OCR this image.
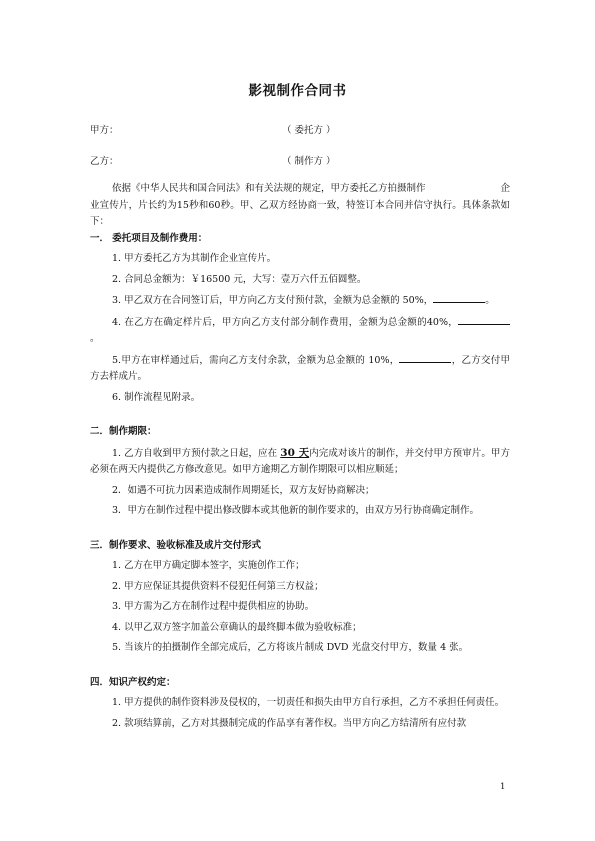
影视制作合同书
甲方：	（ 委托方 ）
乙方：	（ 制作方 ）

依据《中华人民共和国合同法》和有关法规的规定，甲方委托乙方拍摄制作	企

业宣传片，片长约为15秒和60秒。甲、乙双方经协商一致，特签订本合同并信守执行。具体条款如下：

一． 委托项目及制作费用：

1. 甲方委托乙方为其制作企业宣传片。

2. 合同总金额为：￥16500 元，大写：壹万六仟五佰圆整。

3. 甲乙双方在合同签订后，甲方向乙方支付预付款，金额为总金额的 50%，	。

4. 在乙方在确定样片后，甲方向乙方支付部分制作费用，金额为总金额的40%，。

5.甲方在审样通过后，需向乙方支付余款，金额为总金额的 10%，	，乙方交付甲方去样成片。

6. 制作流程见附录。

二．制作期限：

1. 乙方自收到甲方预付款之日起，应在 30 天内完成对该片的制作，并交付甲方预审片。甲方必须在两天内提供乙方修改意见。如甲方逾期乙方制作期限可以相应顺延；

2．如遇不可抗力因素造成制作周期延长，双方友好协商解决；

3．甲方在制作过程中提出修改脚本或其他新的制作要求的，由双方另行协商确定制作。

三．制作要求、验收标准及成片交付形式

1. 乙方在甲方确定脚本签字，实施创作工作；

2. 甲方应保证其提供资料不侵犯任何第三方权益；

3. 甲方需为乙方在制作过程中提供相应的协助。

4. 以甲乙双方签字加盖公章确认的最终脚本做为验收标准；

5. 当该片的拍摄制作全部完成后，乙方将该片制成 DVD 光盘交付甲方，数量 4 张。

四．知识产权约定：

1. 甲方提供的制作资料涉及侵权的，一切责任和损失由甲方自行承担，乙方不承担任何责任。

2. 款项结算前，乙方对其摄制完成的作品享有著作权。当甲方向乙方结清所有应付款

1
